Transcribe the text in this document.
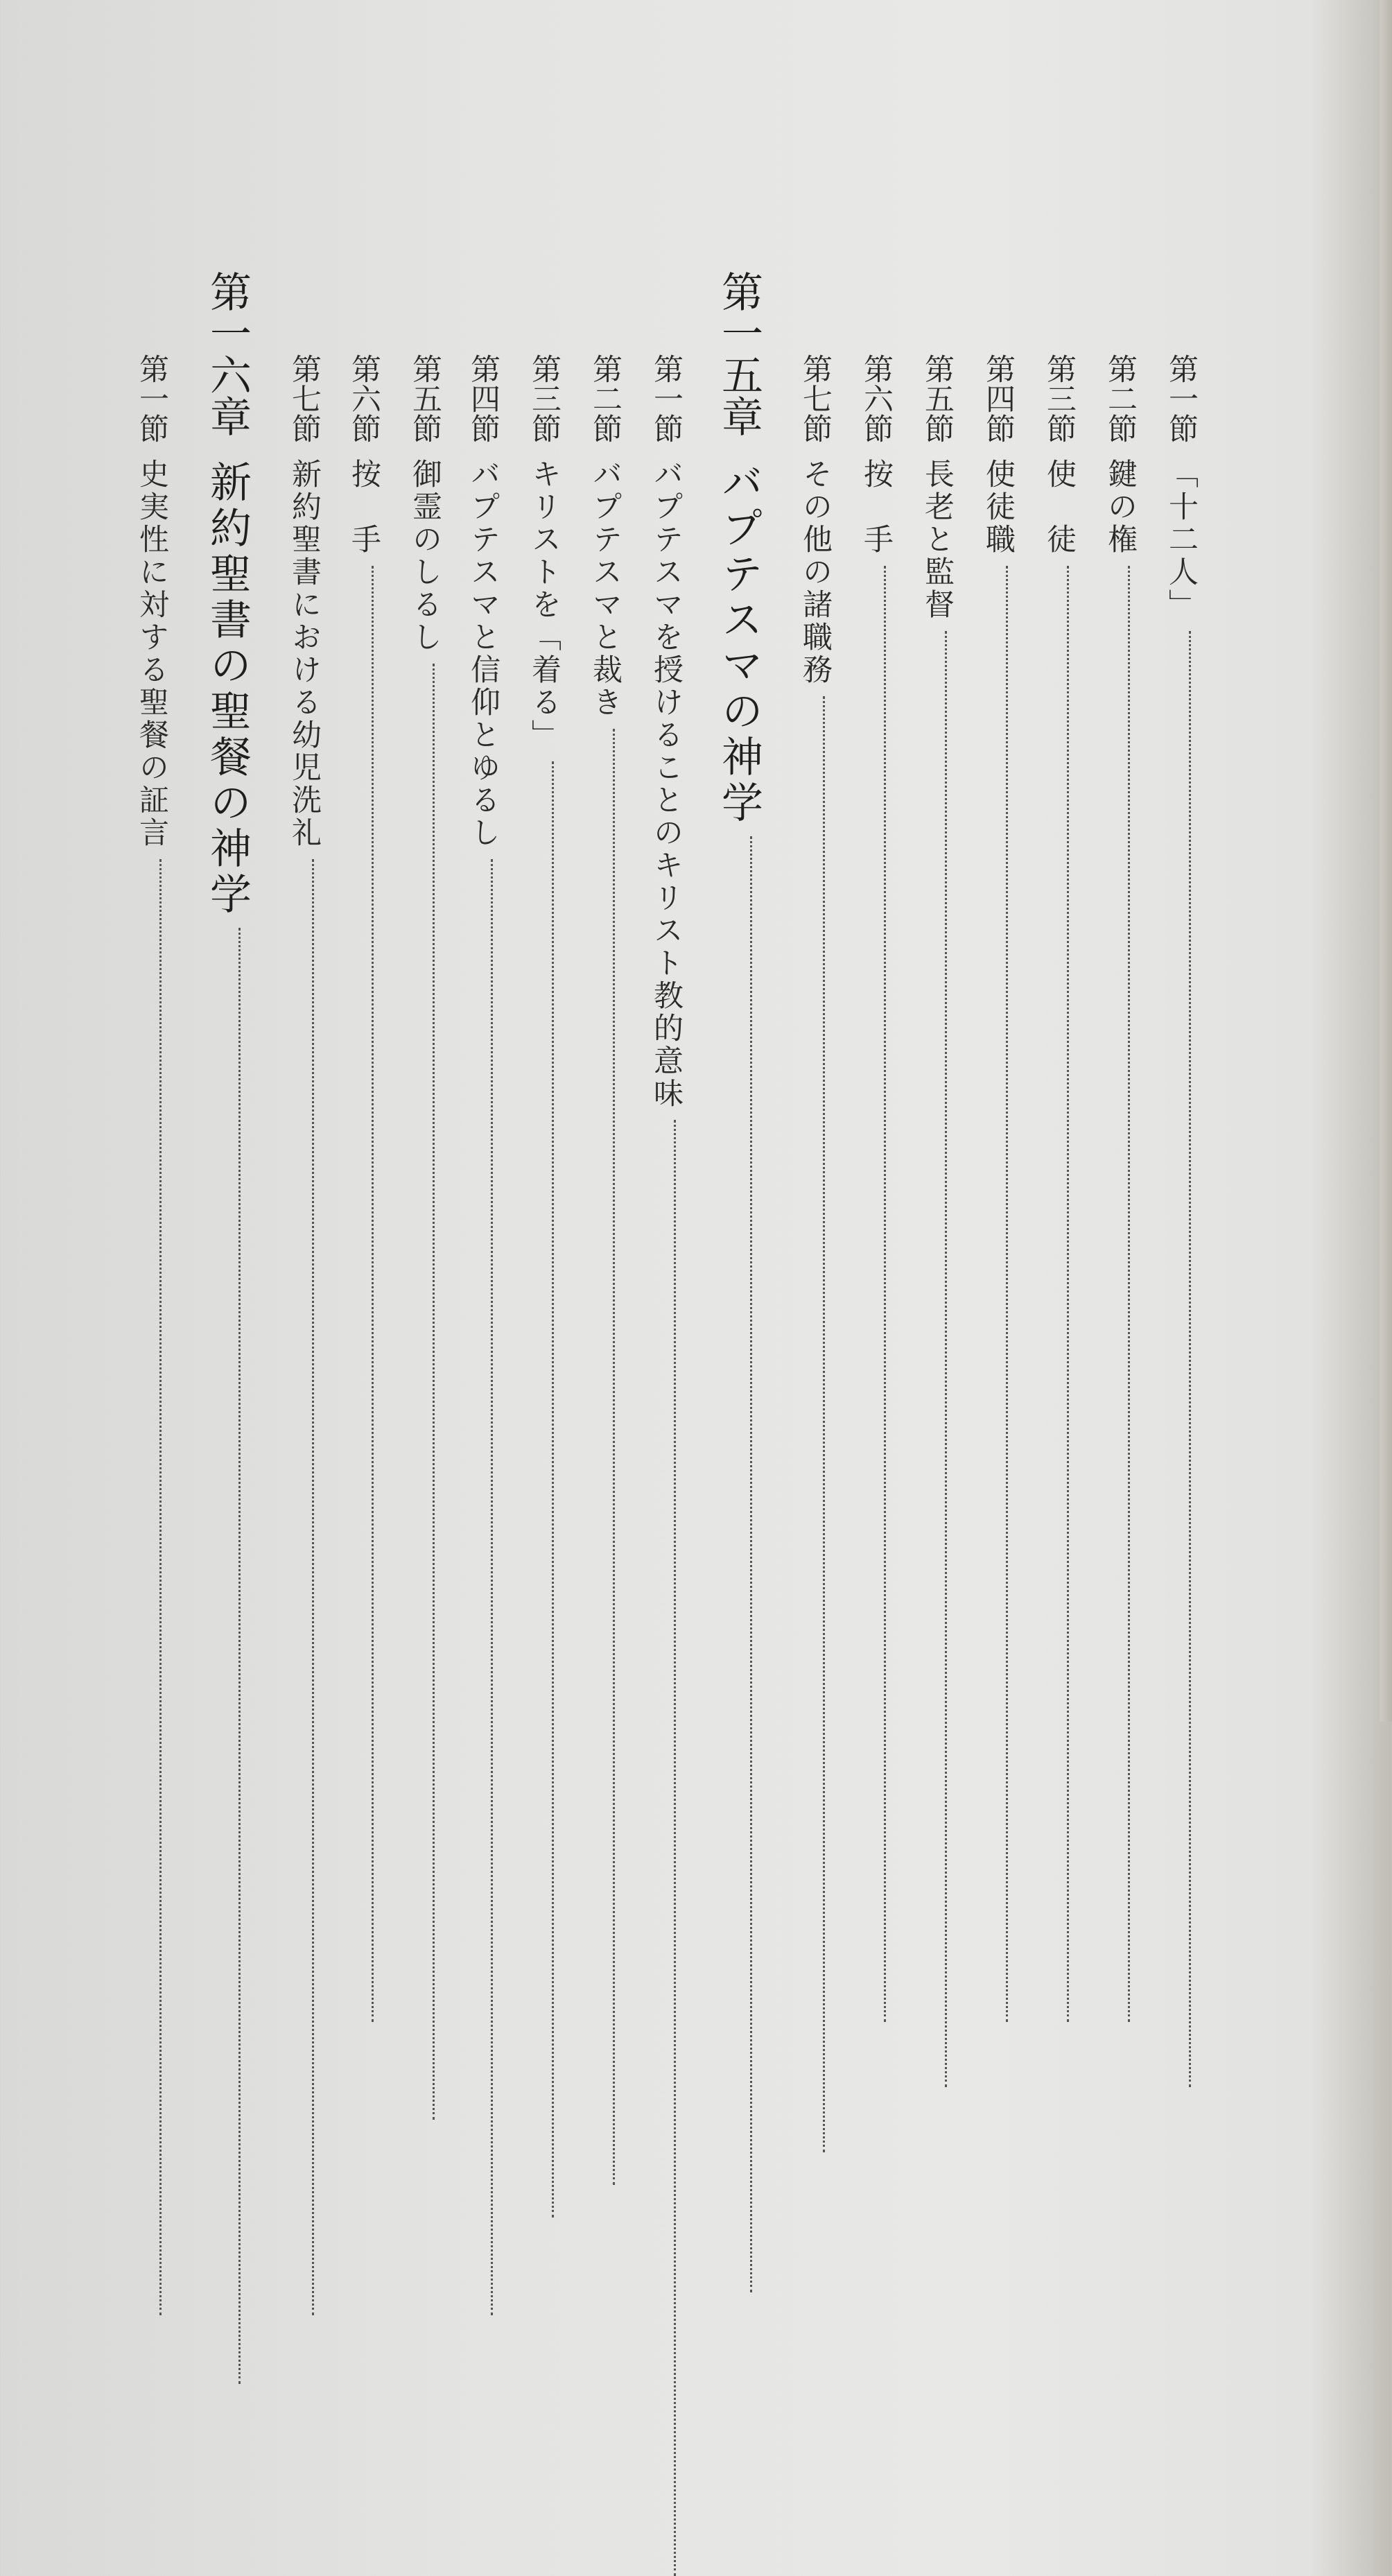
第一節「十二人」
第二節鍵の権
第三節使　徒
第四節使徒職
第五節長老と監督
第六節按　手
第七節その他の諸職務
第一五章バプテスマの神学
第一節バプテスマを授けることのキリスト教的意味
第二節バプテスマと裁き
第三節キリストを「着る」
第四節バプテスマと信仰とゆるし
第五節御霊のしるし
第六節按　手
第七節新約聖書における幼児洗礼
第一六章新約聖書の聖餐の神学
第一節史実性に対する聖餐の証言
